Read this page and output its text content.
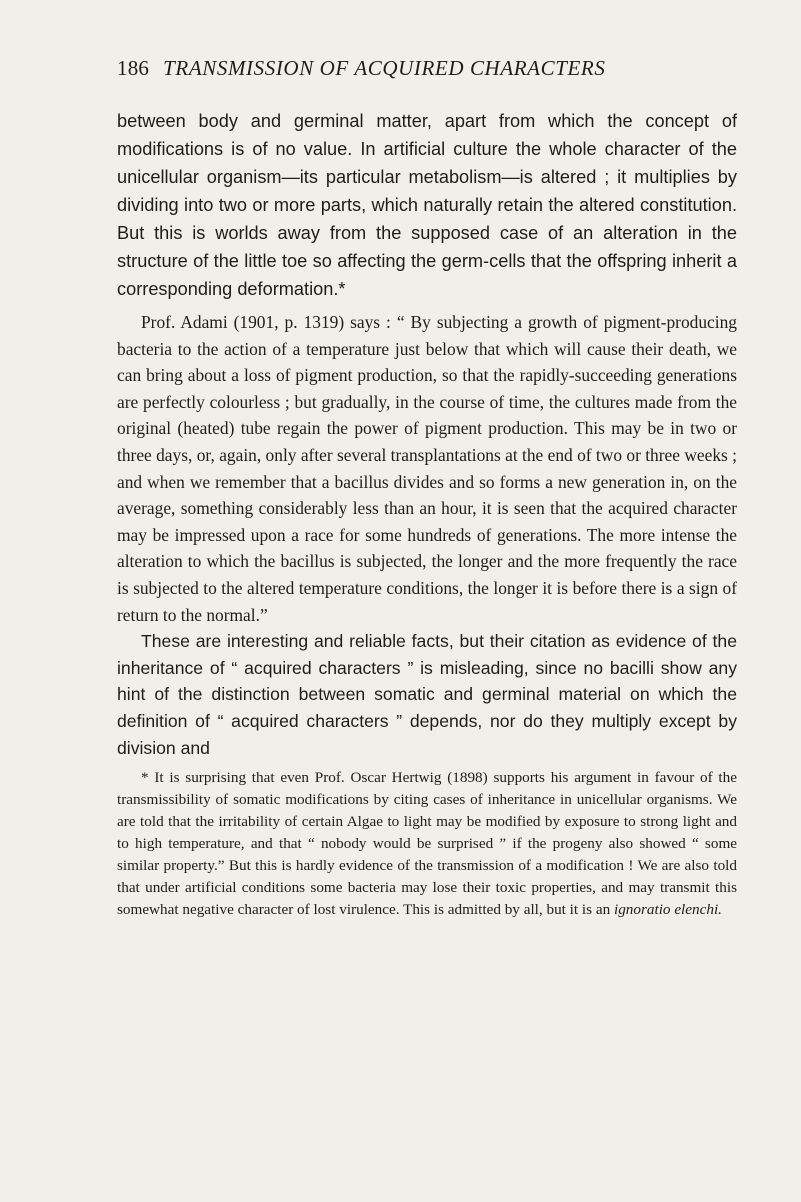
186 TRANSMISSION OF ACQUIRED CHARACTERS

between body and germinal matter, apart from which the concept of modifications is of no value. In artificial culture the whole character of the unicellular organism—its particular metabolism—is altered ; it multiplies by dividing into two or more parts, which naturally retain the altered constitution. But this is worlds away from the supposed case of an alteration in the structure of the little toe so affecting the germ-cells that the offspring inherit a corresponding deformation.*

Prof. Adami (1901, p. 1319) says : “ By subjecting a growth of pigment-producing bacteria to the action of a temperature just below that which will cause their death, we can bring about a loss of pigment production, so that the rapidly-succeeding generations are perfectly colourless ; but gradually, in the course of time, the cultures made from the original (heated) tube regain the power of pigment production. This may be in two or three days, or, again, only after several transplantations at the end of two or three weeks ; and when we remember that a bacillus divides and so forms a new generation in, on the average, something considerably less than an hour, it is seen that the acquired character may be impressed upon a race for some hundreds of generations. The more intense the alteration to which the bacillus is subjected, the longer and the more frequently the race is subjected to the altered temperature conditions, the longer it is before there is a sign of return to the normal.”

These are interesting and reliable facts, but their citation as evidence of the inheritance of “ acquired characters ” is misleading, since no bacilli show any hint of the distinction between somatic and germinal material on which the definition of “ acquired characters ” depends, nor do they multiply except by division and

* It is surprising that even Prof. Oscar Hertwig (1898) supports his argument in favour of the transmissibility of somatic modifications by citing cases of inheritance in unicellular organisms. We are told that the irritability of certain Algae to light may be modified by exposure to strong light and to high temperature, and that “ nobody would be surprised ” if the progeny also showed “ some similar property.” But this is hardly evidence of the transmission of a modification ! We are also told that under artificial conditions some bacteria may lose their toxic properties, and may transmit this somewhat negative character of lost virulence. This is admitted by all, but it is an ignoratio elenchi.
